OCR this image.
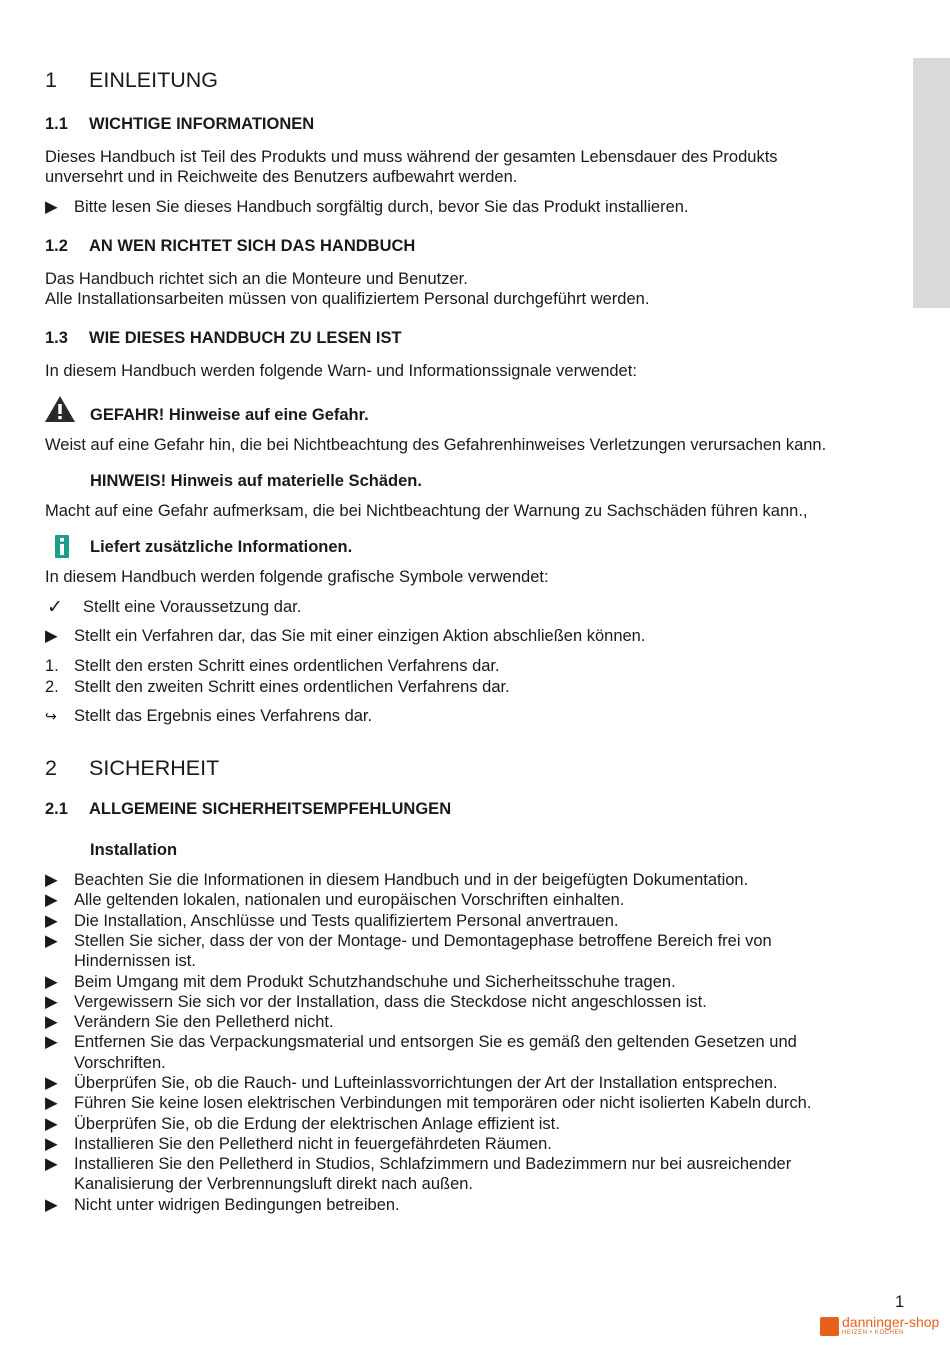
1 EINLEITUNG
1.1 WICHTIGE INFORMATIONEN
Dieses Handbuch ist Teil des Produkts und muss während der gesamten Lebensdauer des Produkts
unversehrt und in Reichweite des Benutzers aufbewahrt werden.
▶ Bitte lesen Sie dieses Handbuch sorgfältig durch, bevor Sie das Produkt installieren.
1.2 AN WEN RICHTET SICH DAS HANDBUCH
Das Handbuch richtet sich an die Monteure und Benutzer.
Alle Installationsarbeiten müssen von qualifiziertem Personal durchgeführt werden.
1.3 WIE DIESES HANDBUCH ZU LESEN IST
In diesem Handbuch werden folgende Warn- und Informationssignale verwendet:
GEFAHR! Hinweise auf eine Gefahr.
Weist auf eine Gefahr hin, die bei Nichtbeachtung des Gefahrenhinweises Verletzungen verursachen kann.
HINWEIS! Hinweis auf materielle Schäden.
Macht auf eine Gefahr aufmerksam, die bei Nichtbeachtung der Warnung zu Sachschäden führen kann.,
Liefert zusätzliche Informationen.
In diesem Handbuch werden folgende grafische Symbole verwendet:
✓ Stellt eine Voraussetzung dar.
▶ Stellt ein Verfahren dar, das Sie mit einer einzigen Aktion abschließen können.
1. Stellt den ersten Schritt eines ordentlichen Verfahrens dar.
2. Stellt den zweiten Schritt eines ordentlichen Verfahrens dar.
↪ Stellt das Ergebnis eines Verfahrens dar.
2 SICHERHEIT
2.1 ALLGEMEINE SICHERHEITSEMPFEHLUNGEN
Installation
▶ Beachten Sie die Informationen in diesem Handbuch und in der beigefügten Dokumentation.
▶ Alle geltenden lokalen, nationalen und europäischen Vorschriften einhalten.
▶ Die Installation, Anschlüsse und Tests qualifiziertem Personal anvertrauen.
▶ Stellen Sie sicher, dass der von der Montage- und Demontagephase betroffene Bereich frei von
Hindernissen ist.
▶ Beim Umgang mit dem Produkt Schutzhandschuhe und Sicherheitsschuhe tragen.
▶ Vergewissern Sie sich vor der Installation, dass die Steckdose nicht angeschlossen ist.
▶ Verändern Sie den Pelletherd nicht.
▶ Entfernen Sie das Verpackungsmaterial und entsorgen Sie es gemäß den geltenden Gesetzen und
Vorschriften.
▶ Überprüfen Sie, ob die Rauch- und Lufteinlassvorrichtungen der Art der Installation entsprechen.
▶ Führen Sie keine losen elektrischen Verbindungen mit temporären oder nicht isolierten Kabeln durch.
▶ Überprüfen Sie, ob die Erdung der elektrischen Anlage effizient ist.
▶ Installieren Sie den Pelletherd nicht in feuergefährdeten Räumen.
▶ Installieren Sie den Pelletherd in Studios, Schlafzimmern und Badezimmern nur bei ausreichender
Kanalisierung der Verbrennungsluft direkt nach außen.
▶ Nicht unter widrigen Bedingungen betreiben.
1
danninger-shop
HEIZEN • KOCHEN
